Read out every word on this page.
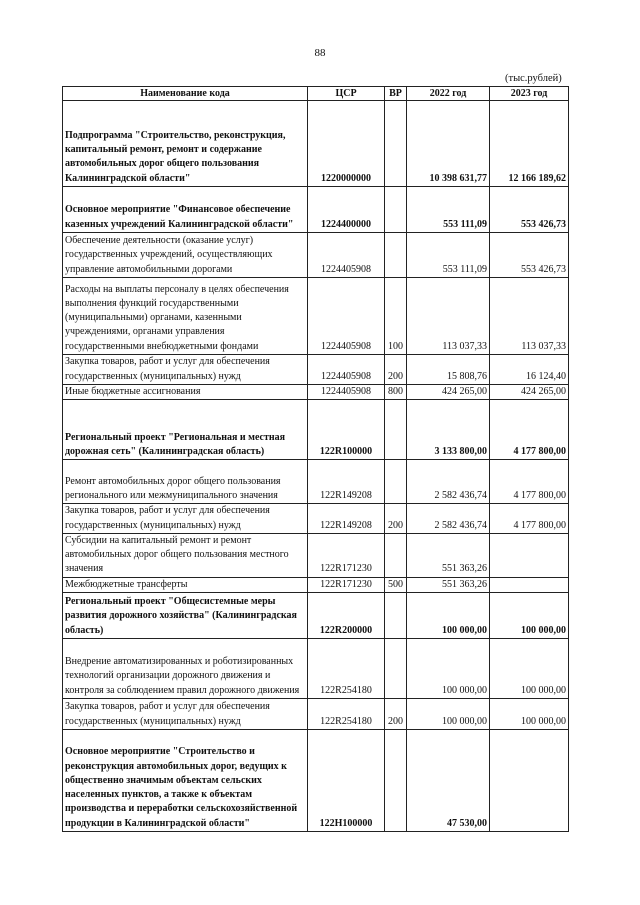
88
(тыс.рублей)
Наименование кода	ЦСР	ВР	2022 год	2023 год
Подпрограмма "Строительство, реконструкция, капитальный ремонт, ремонт и содержание автомобильных дорог общего пользования Калининградской области"	1220000000		10 398 631,77	12 166 189,62
Основное мероприятие "Финансовое обеспечение казенных учреждений Калининградской области"	1224400000		553 111,09	553 426,73
Обеспечение деятельности (оказание услуг) государственных учреждений, осуществляющих управление автомобильными дорогами	1224405908		553 111,09	553 426,73
Расходы на выплаты персоналу в целях обеспечения выполнения функций государственными (муниципальными) органами, казенными учреждениями, органами управления государственными внебюджетными фондами	1224405908	100	113 037,33	113 037,33
Закупка товаров, работ и услуг для обеспечения государственных (муниципальных) нужд	1224405908	200	15 808,76	16 124,40
Иные бюджетные ассигнования	1224405908	800	424 265,00	424 265,00
Региональный проект "Региональная и местная дорожная сеть" (Калининградская область)	122R100000		3 133 800,00	4 177 800,00
Ремонт автомобильных дорог общего пользования регионального или межмуниципального значения	122R149208		2 582 436,74	4 177 800,00
Закупка товаров, работ и услуг для обеспечения государственных (муниципальных) нужд	122R149208	200	2 582 436,74	4 177 800,00
Субсидии на капитальный ремонт и ремонт автомобильных дорог общего пользования местного значения	122R171230		551 363,26	
Межбюджетные трансферты	122R171230	500	551 363,26	
Региональный проект "Общесистемные меры развития дорожного хозяйства" (Калининградская область)	122R200000		100 000,00	100 000,00
Внедрение автоматизированных и роботизированных технологий организации дорожного движения и контроля за соблюдением правил дорожного движения	122R254180		100 000,00	100 000,00
Закупка товаров, работ и услуг для обеспечения государственных (муниципальных) нужд	122R254180	200	100 000,00	100 000,00
Основное мероприятие "Строительство и реконструкция автомобильных дорог, ведущих к общественно значимым объектам сельских населенных пунктов, а также к объектам производства и переработки сельскохозяйственной продукции в Калининградской области"	122Н100000		47 530,00	
